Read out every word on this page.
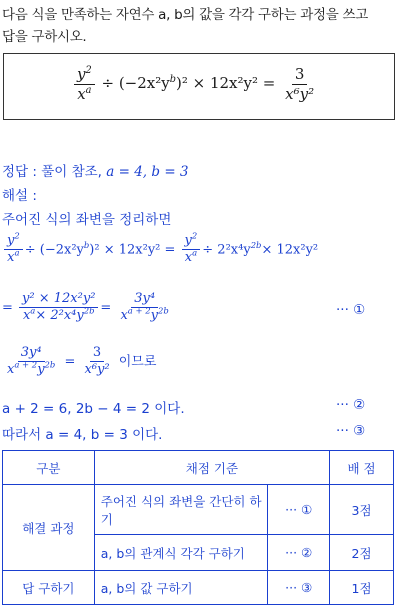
다음 식을 만족하는 자연수 a, b의 값을 각각 구하는 과정을 쓰고
답을 구하시오.
$\frac{y^2}{x^a} \div (-2x^2y^b)^2 \times 12x^2y^2 = \frac{3}{\text{x⁶y²}}$
정답 : 풀이 참조, a = 4, b = 3
해설 :
주어진 식의 좌변을 정리하면
$\frac{y^2}{x^a} \div (-2x^2y^b)^2 \times 12x^2y^2 = \frac{y^2}{x^a} \div 2^2x^4y^{2b}\times 12x^2y^2$
= $\frac{\text{y² × 12x²y²}}{x^a\times 2^2x^4y^{2b}} = \frac{\text{3y⁴}}{x^{a + 2}y^{2b}}$	··· ①
$\frac{\text{3y⁴}}{x^{a + 2}y^{2b}} = \frac{3}{\text{x⁶y²}}$ 이므로
a + 2 = 6, 2b − 4 = 2 이다.	··· ②
따라서 a = 4, b = 3 이다.	··· ③
구분	채점 기준		배 점
해결 과정	주어진 식의 좌변을 간단히 하기	··· ①	3점
	a, b의 관계식 각각 구하기	··· ②	2점
답 구하기	a, b의 값 구하기	··· ③	1점
